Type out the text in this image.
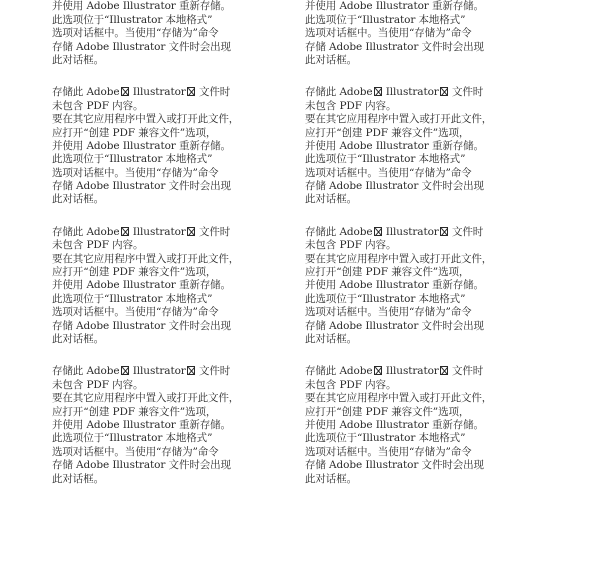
并使用 Adobe Illustrator 重新存储。
此选项位于“Illustrator 本地格式”
选项对话框中。当使用“存储为”命令
存储 Adobe Illustrator 文件时会出现
此对话框。
存储此 Adobe Illustrator 文件时
未包含 PDF 内容。
要在其它应用程序中置入或打开此文件，
应打开“创建 PDF 兼容文件”选项，
并使用 Adobe Illustrator 重新存储。
此选项位于“Illustrator 本地格式”
选项对话框中。当使用“存储为”命令
存储 Adobe Illustrator 文件时会出现
此对话框。
存储此 Adobe Illustrator 文件时
未包含 PDF 内容。
要在其它应用程序中置入或打开此文件，
应打开“创建 PDF 兼容文件”选项，
并使用 Adobe Illustrator 重新存储。
此选项位于“Illustrator 本地格式”
选项对话框中。当使用“存储为”命令
存储 Adobe Illustrator 文件时会出现
此对话框。
存储此 Adobe Illustrator 文件时
未包含 PDF 内容。
要在其它应用程序中置入或打开此文件，
应打开“创建 PDF 兼容文件”选项，
并使用 Adobe Illustrator 重新存储。
此选项位于“Illustrator 本地格式”
选项对话框中。当使用“存储为”命令
存储 Adobe Illustrator 文件时会出现
此对话框。
并使用 Adobe Illustrator 重新存储。
此选项位于“Illustrator 本地格式”
选项对话框中。当使用“存储为”命令
存储 Adobe Illustrator 文件时会出现
此对话框。
存储此 Adobe Illustrator 文件时
未包含 PDF 内容。
要在其它应用程序中置入或打开此文件，
应打开“创建 PDF 兼容文件”选项，
并使用 Adobe Illustrator 重新存储。
此选项位于“Illustrator 本地格式”
选项对话框中。当使用“存储为”命令
存储 Adobe Illustrator 文件时会出现
此对话框。
存储此 Adobe Illustrator 文件时
未包含 PDF 内容。
要在其它应用程序中置入或打开此文件，
应打开“创建 PDF 兼容文件”选项，
并使用 Adobe Illustrator 重新存储。
此选项位于“Illustrator 本地格式”
选项对话框中。当使用“存储为”命令
存储 Adobe Illustrator 文件时会出现
此对话框。
存储此 Adobe Illustrator 文件时
未包含 PDF 内容。
要在其它应用程序中置入或打开此文件，
应打开“创建 PDF 兼容文件”选项，
并使用 Adobe Illustrator 重新存储。
此选项位于“Illustrator 本地格式”
选项对话框中。当使用“存储为”命令
存储 Adobe Illustrator 文件时会出现
此对话框。
